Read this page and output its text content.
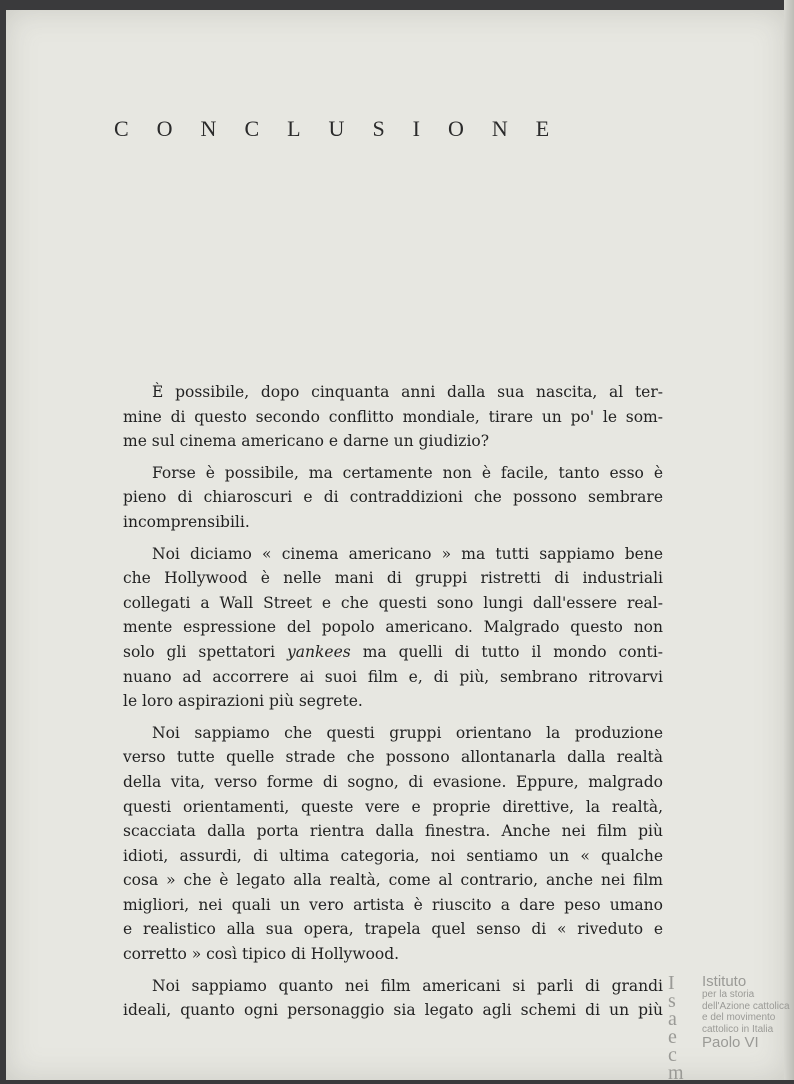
CONCLUSIONE
È possibile, dopo cinquanta anni dalla sua nascita, al ter-
mine di questo secondo conflitto mondiale, tirare un po' le som-
me sul cinema americano e darne un giudizio?
Forse è possibile, ma certamente non è facile, tanto esso è
pieno di chiaroscuri e di contraddizioni che possono sembrare
incomprensibili.
Noi diciamo « cinema americano » ma tutti sappiamo bene
che Hollywood è nelle mani di gruppi ristretti di industriali
collegati a Wall Street e che questi sono lungi dall'essere real-
mente espressione del popolo americano. Malgrado questo non
solo gli spettatori yankees ma quelli di tutto il mondo conti-
nuano ad accorrere ai suoi film e, di più, sembrano ritrovarvi
le loro aspirazioni più segrete.
Noi sappiamo che questi gruppi orientano la produzione
verso tutte quelle strade che possono allontanarla dalla realtà
della vita, verso forme di sogno, di evasione. Eppure, malgrado
questi orientamenti, queste vere e proprie direttive, la realtà,
scacciata dalla porta rientra dalla finestra. Anche nei film più
idioti, assurdi, di ultima categoria, noi sentiamo un « qualche
cosa » che è legato alla realtà, come al contrario, anche nei film
migliori, nei quali un vero artista è riuscito a dare peso umano
e realistico alla sua opera, trapela quel senso di « riveduto e
corretto » così tipico di Hollywood.
Noi sappiamo quanto nei film americani si parli di grandi
ideali, quanto ogni personaggio sia legato agli schemi di un più
I
s
a
e
c
m
Istituto
per la storia
dell'Azione cattolica
e del movimento
cattolico in Italia
Paolo VI
